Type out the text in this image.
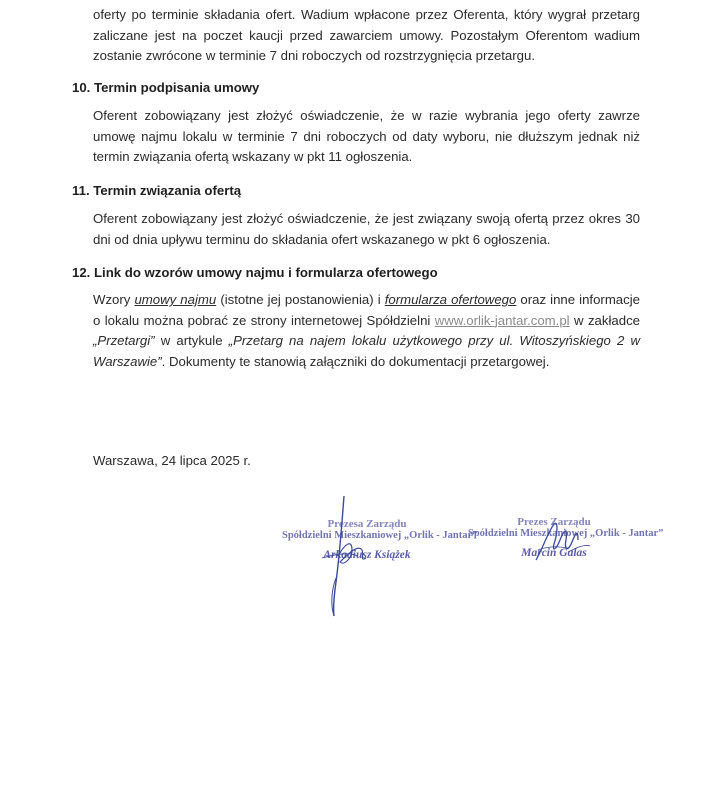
oferty po terminie składania ofert. Wadium wpłacone przez Oferenta, który wygrał przetarg
zaliczane jest na poczet kaucji przed zawarciem umowy. Pozostałym Oferentom wadium
zostanie zwrócone w terminie 7 dni roboczych od rozstrzygnięcia przetargu.
10. Termin podpisania umowy
Oferent zobowiązany jest złożyć oświadczenie, że w razie wybrania jego oferty zawrze
umowę najmu lokalu w terminie 7 dni roboczych od daty wyboru, nie dłuższym jednak niż
termin związania ofertą wskazany w pkt 11 ogłoszenia.
11. Termin związania ofertą
Oferent zobowiązany jest złożyć oświadczenie, że jest związany swoją ofertą przez okres 30
dni od dnia upływu terminu do składania ofert wskazanego w pkt 6 ogłoszenia.
12. Link do wzorów umowy najmu i formularza ofertowego
Wzory umowy najmu (istotne jej postanowienia) i formularza ofertowego oraz inne informacje o lokalu można pobrać ze strony internetowej Spółdzielni www.orlik-jantar.com.pl w zakładce „Przetargi” w artykule „Przetarg na najem lokalu użytkowego przy ul. Witoszyńskiego 2 w Warszawie”. Dokumenty te stanowią załączniki do dokumentacji przetargowej.
Warszawa, 24 lipca 2025 r.
Prezesa Zarządu
Spółdzielni Mieszkaniowej „Orlik - Jantar”
Arkadiusz Książek
Prezes Zarządu
Spółdzielni Mieszkaniowej „Orlik - Jantar”
Marcin Galas
